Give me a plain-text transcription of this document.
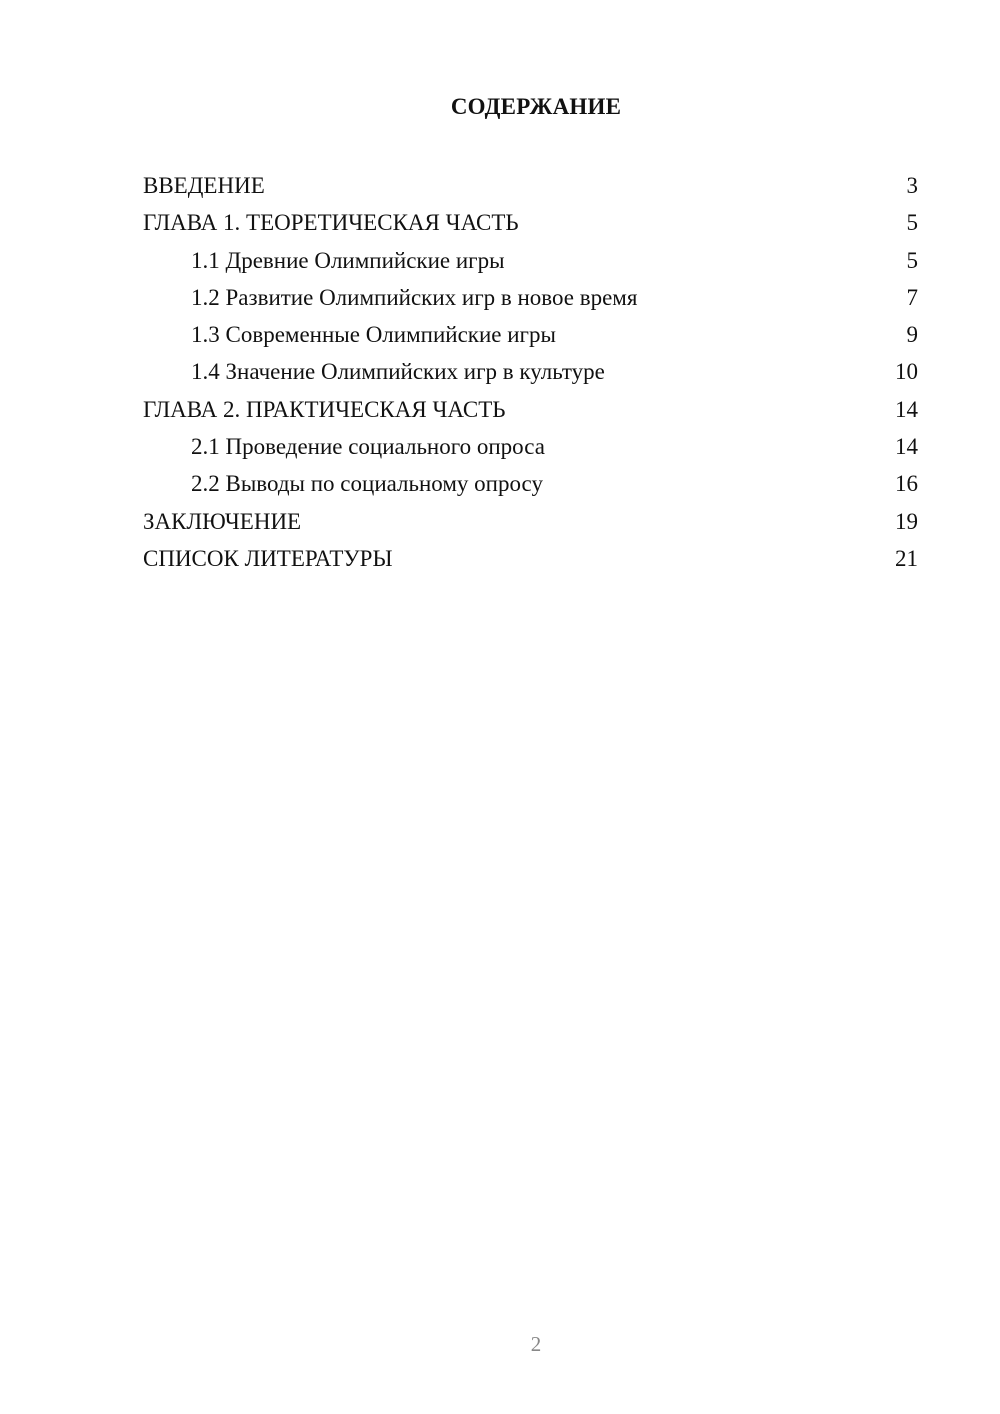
СОДЕРЖАНИЕ
ВВЕДЕНИЕ	3
ГЛАВА 1. ТЕОРЕТИЧЕСКАЯ ЧАСТЬ	5
1.1 Древние Олимпийские игры	5
1.2 Развитие Олимпийских игр в новое время	7
1.3 Современные Олимпийские игры	9
1.4 Значение Олимпийских игр в культуре	10
ГЛАВА 2. ПРАКТИЧЕСКАЯ ЧАСТЬ	14
2.1 Проведение социального опроса	14
2.2 Выводы по социальному опросу	16
ЗАКЛЮЧЕНИЕ	19
СПИСОК ЛИТЕРАТУРЫ	21
2
